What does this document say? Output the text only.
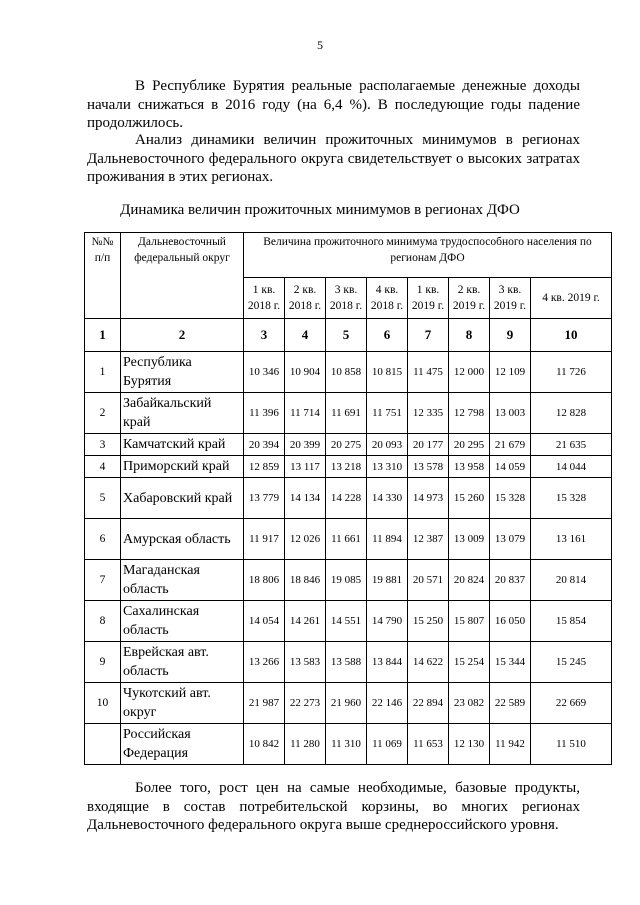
5

В Республике Бурятия реальные располагаемые денежные доходы начали снижаться в 2016 году (на 6,4 %). В последующие годы падение продолжилось.

Анализ динамики величин прожиточных минимумов в регионах Дальневосточного федерального округа свидетельствует о высоких затратах проживания в этих регионах.

Динамика величин прожиточных минимумов в регионах ДФО
№№ п/п	Дальневосточный федеральный округ	Величина прожиточного минимума трудоспособного населения по регионам ДФО							
		1 кв. 2018 г.	2 кв. 2018 г.	3 кв. 2018 г.	4 кв. 2018 г.	1 кв. 2019 г.	2 кв. 2019 г.	3 кв. 2019 г.	4 кв. 2019 г.
1	2	3	4	5	6	7	8	9	10
1	Республика Бурятия	10 346	10 904	10 858	10 815	11 475	12 000	12 109	11 726
2	Забайкальский край	11 396	11 714	11 691	11 751	12 335	12 798	13 003	12 828
3	Камчатский край	20 394	20 399	20 275	20 093	20 177	20 295	21 679	21 635
4	Приморский край	12 859	13 117	13 218	13 310	13 578	13 958	14 059	14 044
5	Хабаровский край	13 779	14 134	14 228	14 330	14 973	15 260	15 328	15 328
6	Амурская область	11 917	12 026	11 661	11 894	12 387	13 009	13 079	13 161
7	Магаданская область	18 806	18 846	19 085	19 881	20 571	20 824	20 837	20 814
8	Сахалинская область	14 054	14 261	14 551	14 790	15 250	15 807	16 050	15 854
9	Еврейская авт. область	13 266	13 583	13 588	13 844	14 622	15 254	15 344	15 245
10	Чукотский авт. округ	21 987	22 273	21 960	22 146	22 894	23 082	22 589	22 669
	Российская Федерация	10 842	11 280	11 310	11 069	11 653	12 130	11 942	11 510

Более того, рост цен на самые необходимые, базовые продукты, входящие в состав потребительской корзины, во многих регионах Дальневосточного федерального округа выше среднероссийского уровня.
